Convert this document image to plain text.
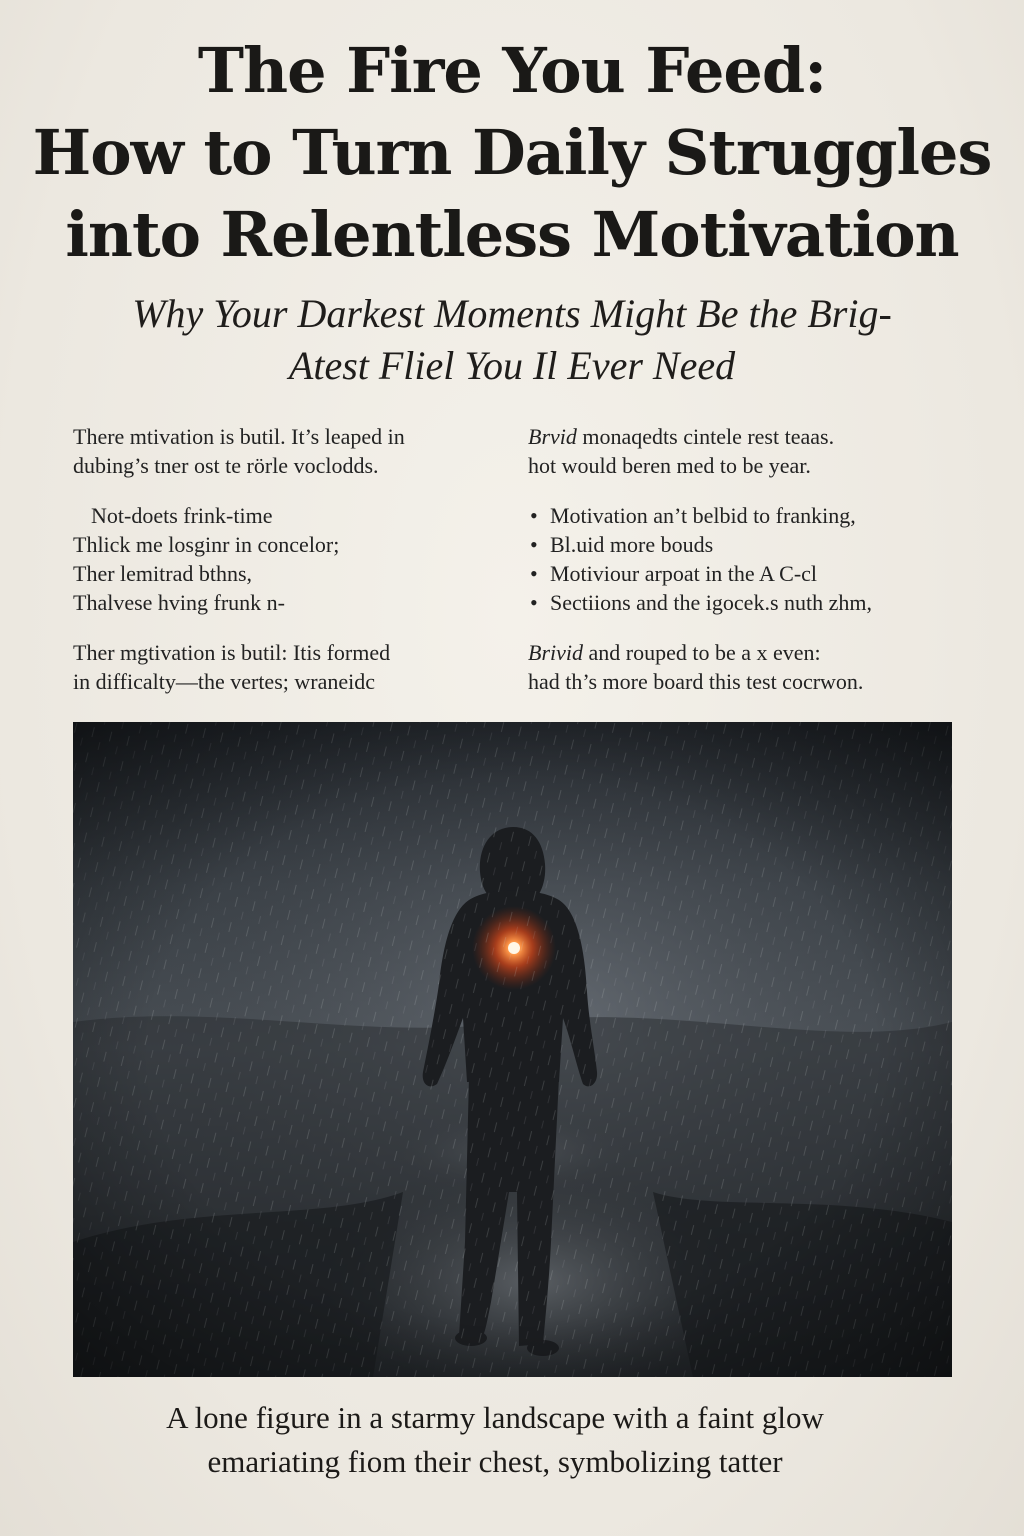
The Fire You Feed:
How to Turn Daily Struggles
into Relentless Motivation
Why Your Darkest Moments Might Be the Brig-
Atest Fliel You Il Ever Need
There mtivation is butil. It’s leaped in
dubing’s tner ost te rörle voclodds.
Not-doets frink-time
Thlick me losginr in concelor;
Ther lemitrad bthns,
Thalvese hving frunk n-
Ther mgtivation is butil: Itis formed
in difficalty—the vertes; wraneidc
Brvid monaqedts cintele rest teaas.
hot would beren med to be year.
• Motivation an’t belbid to franking,
• Bl.uid more bouds
• Motiviour arpoat in the A C-cl
• Sectiions and the igocek.s nuth zhm,
Brivid and rouped to be a x even:
had th’s more board this test cocrwon.
A lone figure in a starmy landscape with a faint glow
emariating fiom their chest, symbolizing tatter
